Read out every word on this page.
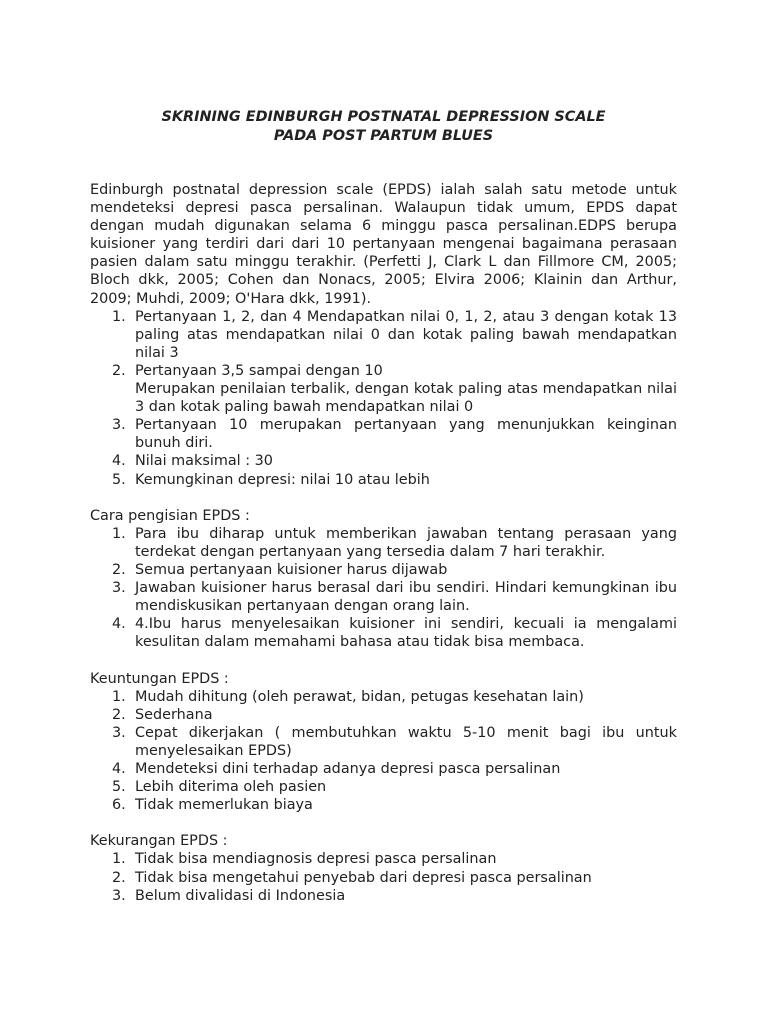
SKRINING EDINBURGH POSTNATAL DEPRESSION SCALE
PADA POST PARTUM BLUES

Edinburgh postnatal depression scale (EPDS) ialah salah satu metode untuk mendeteksi depresi pasca persalinan. Walaupun tidak umum, EPDS dapat dengan mudah digunakan selama 6 minggu pasca persalinan.EDPS berupa kuisioner yang terdiri dari dari 10 pertanyaan mengenai bagaimana perasaan pasien dalam satu minggu terakhir. (Perfetti J, Clark L dan Fillmore CM, 2005; Bloch dkk, 2005; Cohen dan Nonacs, 2005; Elvira 2006; Klainin dan Arthur, 2009; Muhdi, 2009; O'Hara dkk, 1991).

1. Pertanyaan 1, 2, dan 4 Mendapatkan nilai 0, 1, 2, atau 3 dengan kotak 13 paling atas mendapatkan nilai 0 dan kotak paling bawah mendapatkan nilai 3
2. Pertanyaan 3,5 sampai dengan 10
Merupakan penilaian terbalik, dengan kotak paling atas mendapatkan nilai 3 dan kotak paling bawah mendapatkan nilai 0
3. Pertanyaan 10 merupakan pertanyaan yang menunjukkan keinginan bunuh diri.
4. Nilai maksimal : 30
5. Kemungkinan depresi: nilai 10 atau lebih

Cara pengisian EPDS :

1. Para ibu diharap untuk memberikan jawaban tentang perasaan yang terdekat dengan pertanyaan yang tersedia dalam 7 hari terakhir.
2. Semua pertanyaan kuisioner harus dijawab
3. Jawaban kuisioner harus berasal dari ibu sendiri. Hindari kemungkinan ibu mendiskusikan pertanyaan dengan orang lain.
4. 4.Ibu harus menyelesaikan kuisioner ini sendiri, kecuali ia mengalami kesulitan dalam memahami bahasa atau tidak bisa membaca.

Keuntungan EPDS :

1. Mudah dihitung (oleh perawat, bidan, petugas kesehatan lain)
2. Sederhana
3. Cepat dikerjakan ( membutuhkan waktu 5-10 menit bagi ibu untuk menyelesaikan EPDS)
4. Mendeteksi dini terhadap adanya depresi pasca persalinan
5. Lebih diterima oleh pasien
6. Tidak memerlukan biaya

Kekurangan EPDS :

1. Tidak bisa mendiagnosis depresi pasca persalinan
2. Tidak bisa mengetahui penyebab dari depresi pasca persalinan
3. Belum divalidasi di Indonesia
